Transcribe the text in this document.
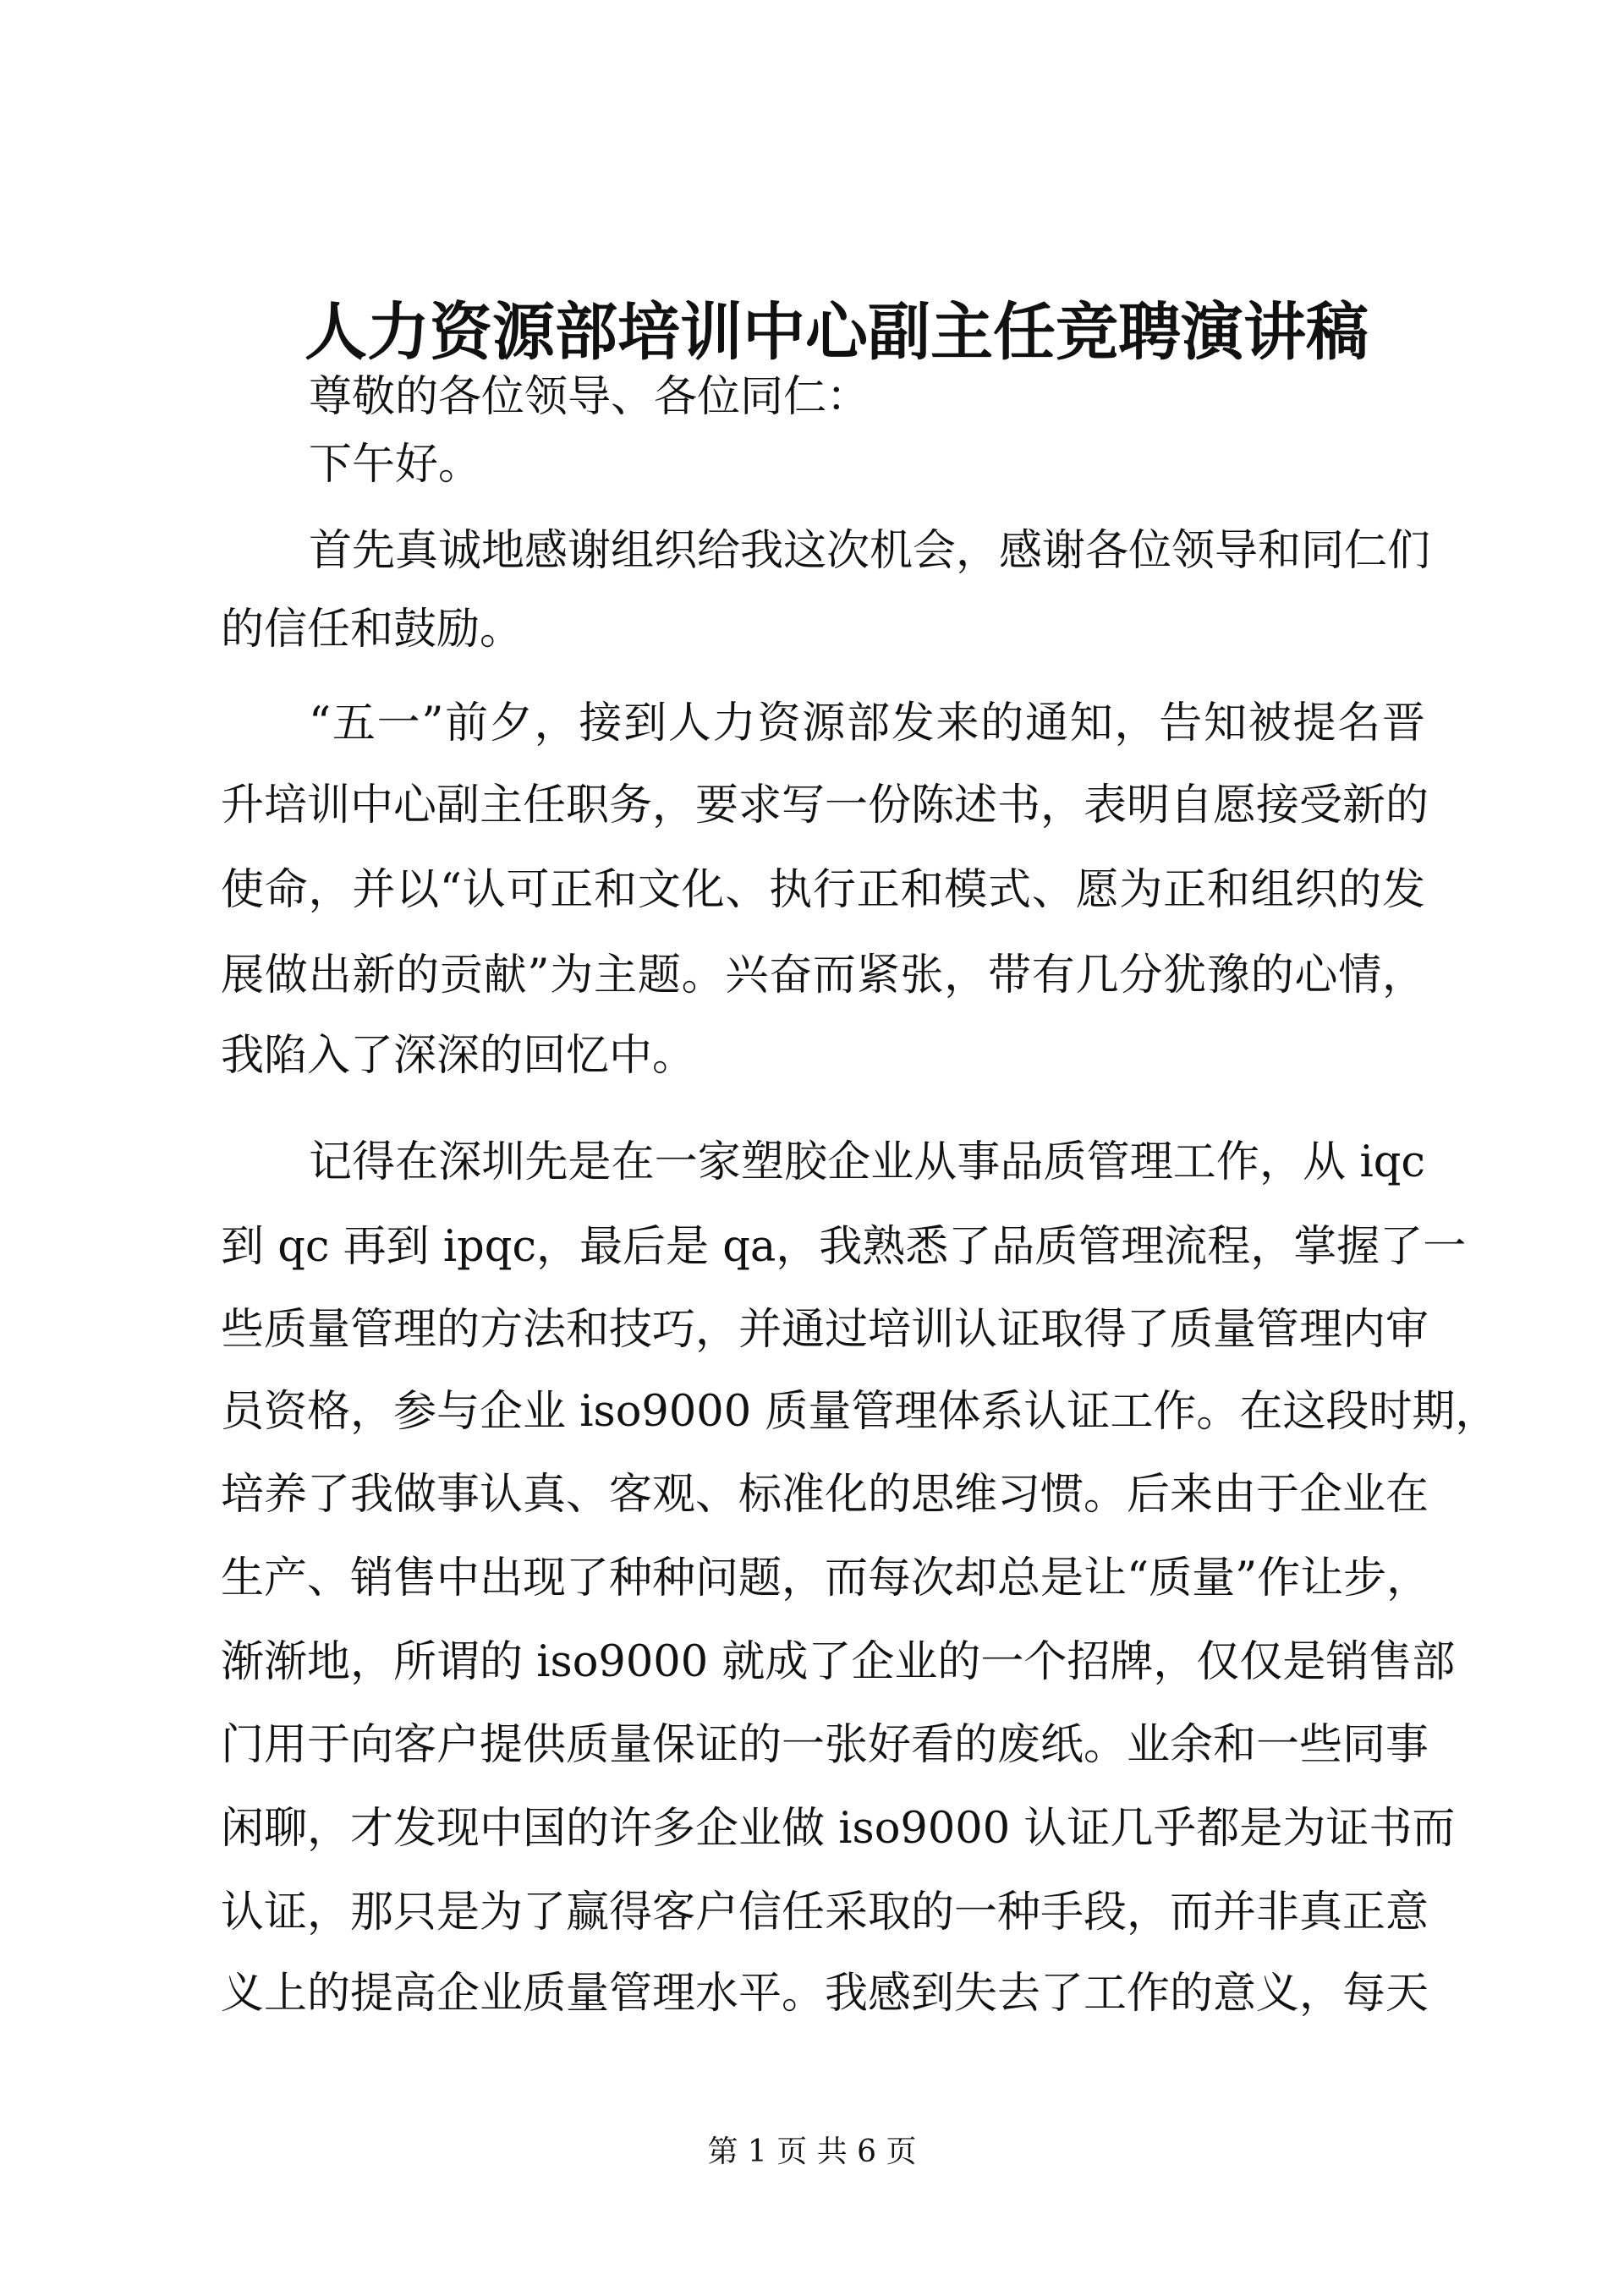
人力资源部培训中心副主任竞聘演讲稿
尊敬的各位领导、各位同仁：
下午好。
首先真诚地感谢组织给我这次机会，感谢各位领导和同仁们
的信任和鼓励。
“五一”前夕，接到人力资源部发来的通知，告知被提名晋
升培训中心副主任职务，要求写一份陈述书，表明自愿接受新的
使命，并以“认可正和文化、执行正和模式、愿为正和组织的发
展做出新的贡献”为主题。兴奋而紧张，带有几分犹豫的心情，
我陷入了深深的回忆中。
记得在深圳先是在一家塑胶企业从事品质管理工作，从 iqc
到 qc 再到 ipqc，最后是 qa，我熟悉了品质管理流程，掌握了一
些质量管理的方法和技巧，并通过培训认证取得了质量管理内审
员资格，参与企业 iso9000 质量管理体系认证工作。在这段时期，
培养了我做事认真、客观、标准化的思维习惯。后来由于企业在
生产、销售中出现了种种问题，而每次却总是让“质量”作让步，
渐渐地，所谓的 iso9000 就成了企业的一个招牌，仅仅是销售部
门用于向客户提供质量保证的一张好看的废纸。业余和一些同事
闲聊，才发现中国的许多企业做 iso9000 认证几乎都是为证书而
认证，那只是为了赢得客户信任采取的一种手段，而并非真正意
义上的提高企业质量管理水平。我感到失去了工作的意义，每天
第 1 页 共 6 页
